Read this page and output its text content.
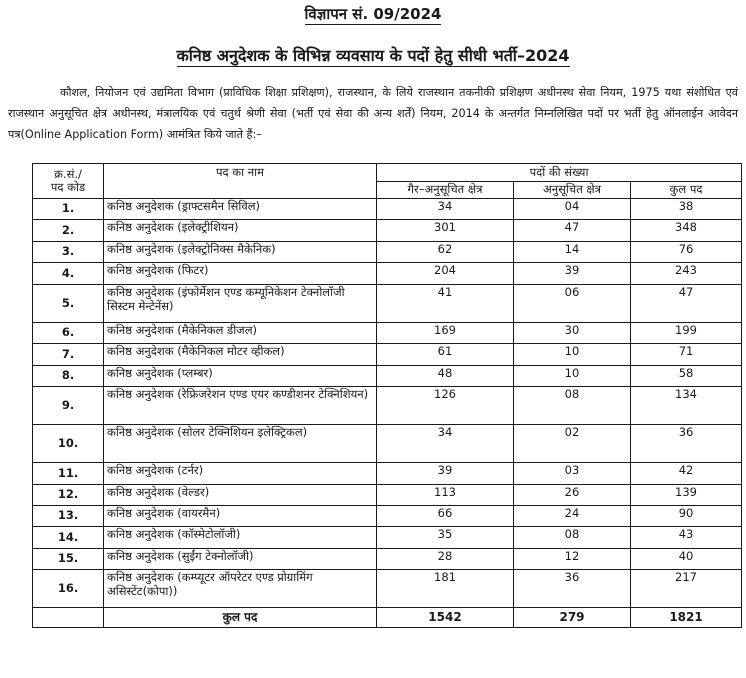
विज्ञापन सं. 09/2024
कनिष्ठ अनुदेशक के विभिन्न व्यवसाय के पदों हेतु सीधी भर्ती–2024

कौशल, नियोजन एवं उद्यमिता विभाग (प्राविधिक शिक्षा प्रशिक्षण), राजस्थान, के लिये राजस्थान तकनीकी प्रशिक्षण अधीनस्थ सेवा नियम, 1975 यथा संशोधित एवं राजस्थान अनुसूचित क्षेत्र अधीनस्थ, मंत्रालयिक एवं चतुर्थ श्रेणी सेवा (भर्ती एवं सेवा की अन्य शर्तें) नियम, 2014 के अन्तर्गत निम्नलिखित पदों पर भर्ती हेतु ऑनलाईन आवेदन पत्र(Online Application Form) आमंत्रित किये जाते हैं:–

क्र.सं./
पद कोड	पद का नाम	पदों की संख्या		
		गैर–अनुसूचित क्षेत्र	अनुसूचित क्षेत्र	कुल पद
1.	कनिष्ठ अनुदेशक (ड्राफ्टसमैन सिविल)	34	04	38
2.	कनिष्ठ अनुदेशक (इलेक्ट्रीशियन)	301	47	348
3.	कनिष्ठ अनुदेशक (इलेक्ट्रोनिक्स मैकेनिक)	62	14	76
4.	कनिष्ठ अनुदेशक (फिटर)	204	39	243
5.	कनिष्ठ अनुदेशक (इंफोर्मेशन एण्ड कम्यूनिकेशन टेक्नोलॉजी सिस्टम मेन्टेनेंस)	41	06	47
6.	कनिष्ठ अनुदेशक (मैकेनिकल डीजल)	169	30	199
7.	कनिष्ठ अनुदेशक (मैकेनिकल मोटर व्हीकल)	61	10	71
8.	कनिष्ठ अनुदेशक (प्लम्बर)	48	10	58
9.	कनिष्ठ अनुदेशक (रेफ्रिजरेशन एण्ड एयर कण्डीशनर टेक्निशियन)	126	08	134
10.	कनिष्ठ अनुदेशक (सोलर टेक्निशियन इलेक्ट्रिकल)	34	02	36
11.	कनिष्ठ अनुदेशक (टर्नर)	39	03	42
12.	कनिष्ठ अनुदेशक (वेल्डर)	113	26	139
13.	कनिष्ठ अनुदेशक (वायरमैन)	66	24	90
14.	कनिष्ठ अनुदेशक (कॉस्मेटोलॉजी)	35	08	43
15.	कनिष्ठ अनुदेशक (सुईंग टेक्नोलॉजी)	28	12	40
16.	कनिष्ठ अनुदेशक (कम्प्यूटर ऑपरेटर एण्ड प्रोग्रामिंग असिस्टेंट(कोपा))	181	36	217
	कुल पद	1542	279	1821
